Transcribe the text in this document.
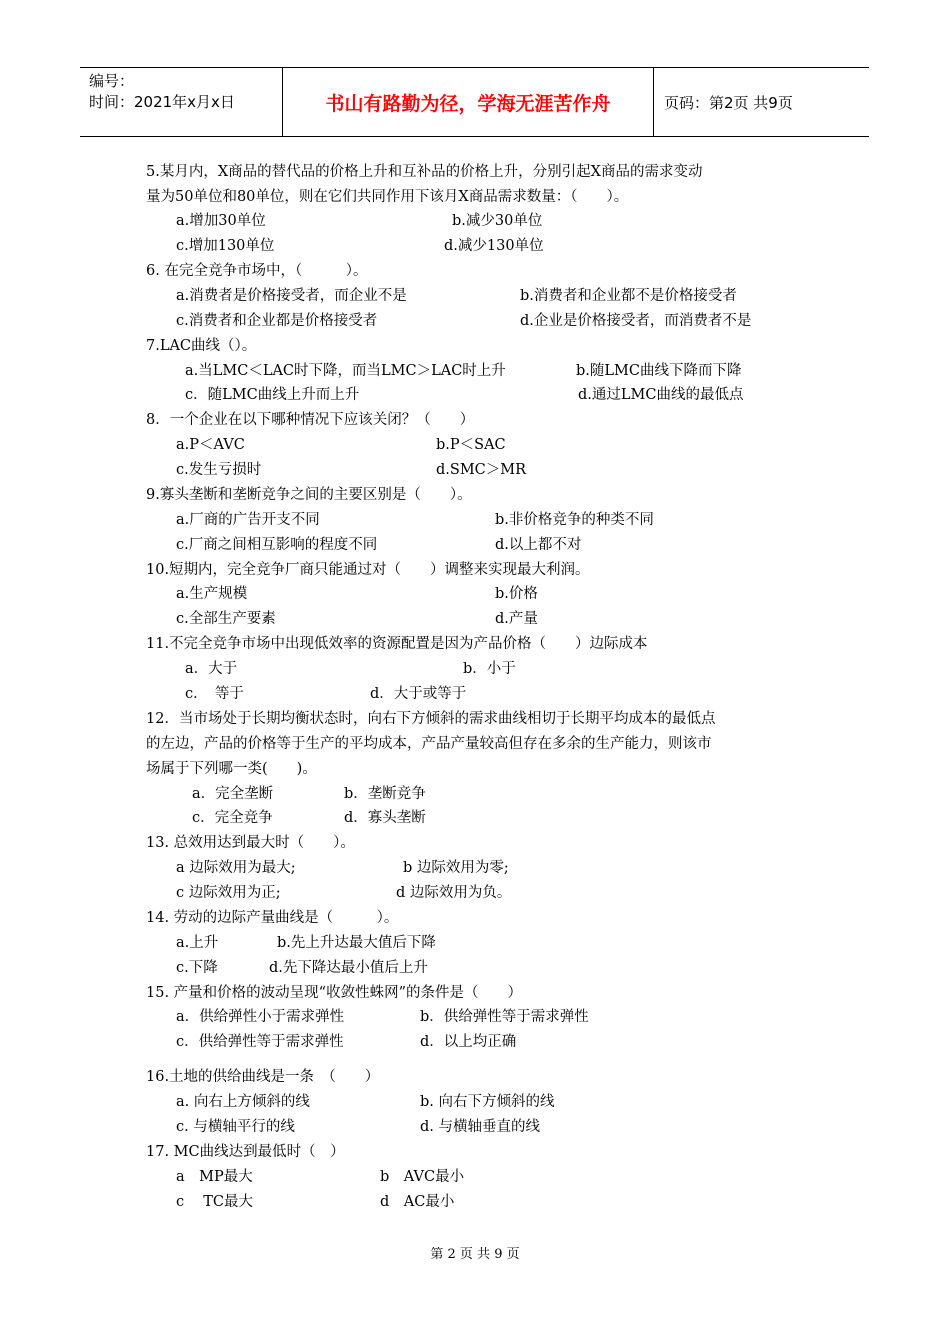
编号：
时间：2021年x月x日	书山有路勤为径，学海无涯苦作舟	页码：第2页 共9页
5.某月内，X商品的替代品的价格上升和互补品的价格上升，分别引起X商品的需求变动
量为50单位和80单位，则在它们共同作用下该月X商品需求数量：（　　）。
a.增加30单位	b.减少30单位
c.增加130单位	d.减少130单位
6. 在完全竞争市场中，（　　　）。
a.消费者是价格接受者，而企业不是	b.消费者和企业都不是价格接受者
c.消费者和企业都是价格接受者	d.企业是价格接受者，而消费者不是
7.LAC曲线（）。
a.当LMC＜LAC时下降，而当LMC＞LAC时上升	b.随LMC曲线下降而下降
c．随LMC曲线上升而上升	d.通过LMC曲线的最低点
8．一个企业在以下哪种情况下应该关闭？（　　）
a.P＜AVC	b.P＜SAC
c.发生亏损时	d.SMC＞MR
9.寡头垄断和垄断竞争之间的主要区别是（　　）。
a.厂商的广告开支不同	b.非价格竞争的种类不同
c.厂商之间相互影响的程度不同	d.以上都不对
10.短期内，完全竞争厂商只能通过对（　　）调整来实现最大利润。
a.生产规模	b.价格
c.全部生产要素	d.产量
11.不完全竞争市场中出现低效率的资源配置是因为产品价格（　　）边际成本
a．大于	b．小于
c．　等于	d．大于或等于
12．当市场处于长期均衡状态时，向右下方倾斜的需求曲线相切于长期平均成本的最低点
的左边，产品的价格等于生产的平均成本，产品产量较高但存在多余的生产能力，则该市
场属于下列哪一类(　　)。
a．完全垄断	b．垄断竞争
c．完全竞争	d．寡头垄断
13. 总效用达到最大时（　　）。
a 边际效用为最大;	b 边际效用为零;
c 边际效用为正;	d 边际效用为负。
14. 劳动的边际产量曲线是（　　　）。
a.上升	b.先上升达最大值后下降
c.下降	d.先下降达最小值后上升
15. 产量和价格的波动呈现“收敛性蛛网”的条件是（　　）
a．供给弹性小于需求弹性	b．供给弹性等于需求弹性
c．供给弹性等于需求弹性	d．以上均正确
16.土地的供给曲线是一条　（　　）
a. 向右上方倾斜的线	b. 向右下方倾斜的线
c. 与横轴平行的线	d. 与横轴垂直的线
17. MC曲线达到最低时（　）
a　MP最大	b　AVC最小
c　 TC最大	d　AC最小
第 2 页 共 9 页
